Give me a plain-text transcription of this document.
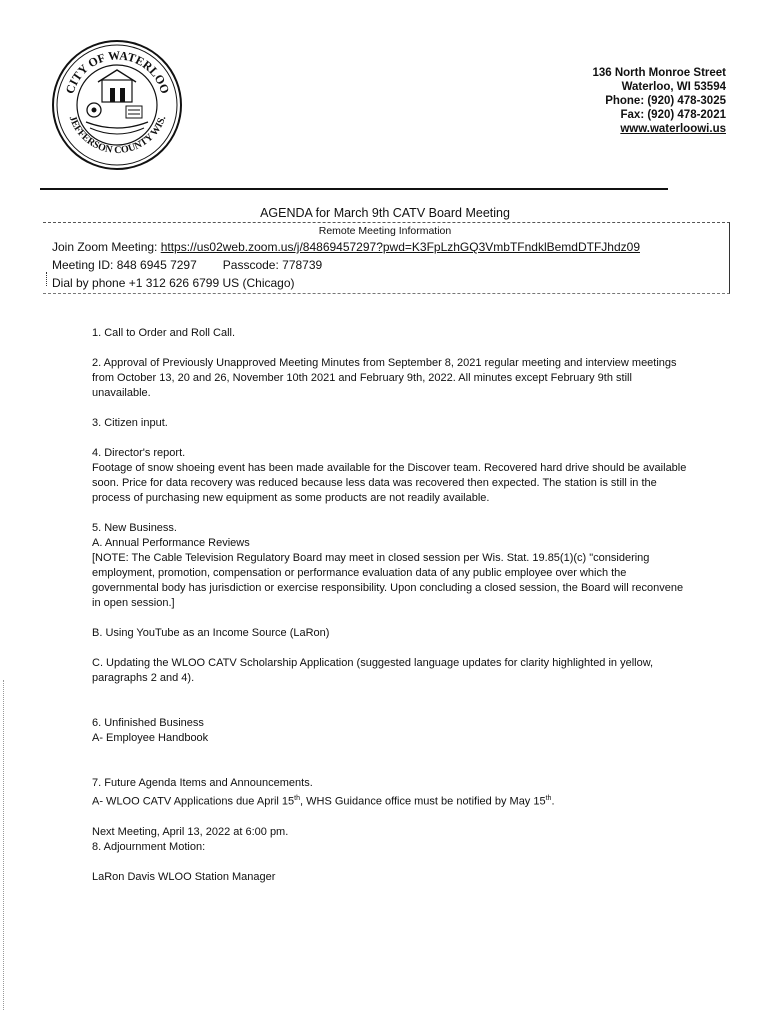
CITY OF WATERLOO
JEFFERSON COUNTY WIS.
136 North Monroe Street
Waterloo, WI 53594
Phone: (920) 478-3025
Fax: (920) 478-2021
www.waterloowi.us
AGENDA for March 9th CATV Board Meeting
Remote Meeting Information
Join Zoom Meeting: https://us02web.zoom.us/j/84869457297?pwd=K3FpLzhGQ3VmbTFndklBemdDTFJhdz09
Meeting ID: 848 6945 7297 Passcode: 778739
Dial by phone +1 312 626 6799 US (Chicago)

1. Call to Order and Roll Call.

2. Approval of Previously Unapproved Meeting Minutes from September 8, 2021 regular meeting and interview meetings from October 13, 20 and 26, November 10th 2021 and February 9th, 2022. All minutes except February 9th still unavailable.

3. Citizen input.

4. Director's report.

Footage of snow shoeing event has been made available for the Discover team. Recovered hard drive should be available soon. Price for data recovery was reduced because less data was recovered then expected. The station is still in the process of purchasing new equipment as some products are not readily available.

5. New Business.

A. Annual Performance Reviews

[NOTE: The Cable Television Regulatory Board may meet in closed session per Wis. Stat. 19.85(1)(c) "considering employment, promotion, compensation or performance evaluation data of any public employee over which the governmental body has jurisdiction or exercise responsibility. Upon concluding a closed session, the Board will reconvene in open session.]

B. Using YouTube as an Income Source (LaRon)

C. Updating the WLOO CATV Scholarship Application (suggested language updates for clarity highlighted in yellow, paragraphs 2 and 4).

6. Unfinished Business

A- Employee Handbook

7. Future Agenda Items and Announcements.

A- WLOO CATV Applications due April 15th, WHS Guidance office must be notified by May 15th.

Next Meeting, April 13, 2022 at 6:00 pm.

8. Adjournment Motion:

LaRon Davis WLOO Station Manager
